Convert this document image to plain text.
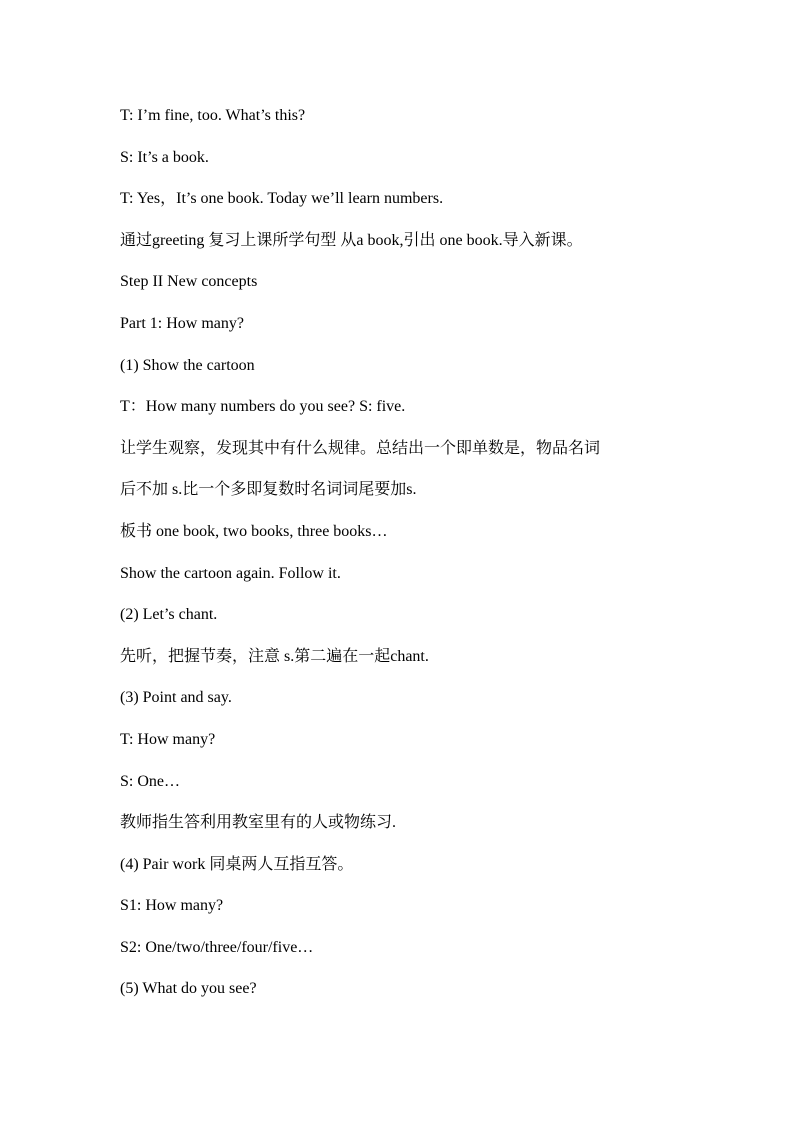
T: I’m fine, too. What’s this?
S: It’s a book.
T: Yes，It’s one book. Today we’ll learn numbers.
通过greeting 复习上课所学句型 从a book,引出 one book.导入新课。
Step II New concepts
Part 1: How many?
(1) Show the cartoon
T：How many numbers do you see? S: five.
让学生观察，发现其中有什么规律。总结出一个即单数是，物品名词
后不加 s.比一个多即复数时名词词尾要加s.
板书 one book, two books, three books…
Show the cartoon again. Follow it.
(2) Let’s chant.
先听，把握节奏，注意 s.第二遍在一起chant.
(3) Point and say.
T: How many?
S: One…
教师指生答利用教室里有的人或物练习.
(4) Pair work 同桌两人互指互答。
S1: How many?
S2: One/two/three/four/five…
(5) What do you see?
